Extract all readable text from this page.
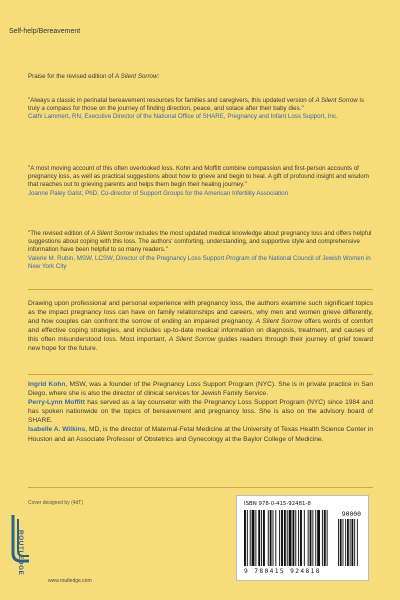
Self-help/Bereavement
Praise for the revised edition of A Silent Sorrow:
"Always a classic in perinatal bereavement resources for families and caregivers, this updated version of A Silent Sorrow is truly a compass for those on the journey of finding direction, peace, and solace after their baby dies."
Cathi Lammert, RN, Executive Director of the National Office of SHARE, Pregnancy and Infant Loss Support, Inc.
"A most moving account of this often overlooked loss. Kohn and Moffitt combine compassion and first-person accounts of pregnancy loss, as well as practical suggestions about how to grieve and begin to heal. A gift of profound insight and wisdom that reaches out to grieving parents and helps them begin their healing journey."
Joanne Paley Galst, PhD, Co-director of Support Groups for the American Infertility Association
"The revised edition of A Silent Sorrow includes the most updated medical knowledge about pregnancy loss and offers helpful suggestions about coping with this loss. The authors' comforting, understanding, and supportive style and comprehensive information have been helpful to so many readers."
Valerie M. Rubin, MSW, LCSW, Director of the Pregnancy Loss Support Program of the National Council of Jewish Women in New York City
Drawing upon professional and personal experience with pregnancy loss, the authors examine such significant topics as the impact pregnancy loss can have on family relationships and careers, why men and women grieve differently, and how couples can confront the sorrow of ending an impaired pregnancy. A Silent Sorrow offers words of comfort and effective coping strategies, and includes up-to-date medical information on diagnosis, treatment, and causes of this often misunderstood loss. Most important, A Silent Sorrow guides readers through their journey of grief toward new hope for the future.
Ingrid Kohn, MSW, was a founder of the Pregnancy Loss Support Program (NYC). She is in private practice in San Diego, where she is also the director of clinical services for Jewish Family Service.
Perry-Lynn Moffitt has served as a lay counselor with the Pregnancy Loss Support Program (NYC) since 1984 and has spoken nationwide on the topics of bereavement and pregnancy loss. She is also on the advisory board of SHARE.
Isabelle A. Wilkins, MD, is the director of Maternal-Fetal Medicine at the University of Texas Health Science Center in Houston and an Associate Professor of Obstetrics and Gynecology at the Baylor College of Medicine.
Cover designed by (4dT)
ROUTLEDGE
www.routledge.com
ISBN 978-0-415-92481-8
90000
9 780415 924818
